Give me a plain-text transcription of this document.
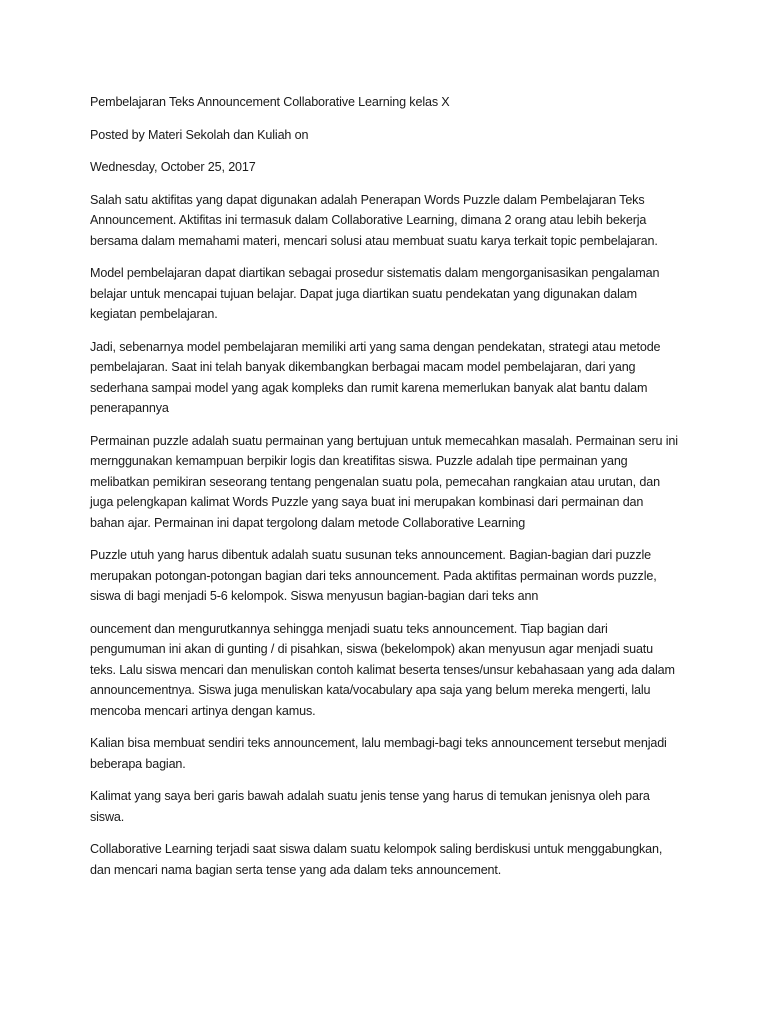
Pembelajaran Teks Announcement Collaborative Learning kelas X

Posted by Materi Sekolah dan Kuliah on

Wednesday, October 25, 2017

Salah satu aktifitas yang dapat digunakan adalah Penerapan Words Puzzle dalam Pembelajaran Teks Announcement. Aktifitas ini termasuk dalam Collaborative Learning, dimana 2 orang atau lebih bekerja bersama dalam memahami materi, mencari solusi atau membuat suatu karya terkait topic pembelajaran.

Model pembelajaran dapat diartikan sebagai prosedur sistematis dalam mengorganisasikan pengalaman belajar untuk mencapai tujuan belajar. Dapat juga diartikan suatu pendekatan yang digunakan dalam kegiatan pembelajaran.

Jadi, sebenarnya model pembelajaran memiliki arti yang sama dengan pendekatan, strategi atau metode pembelajaran. Saat ini telah banyak dikembangkan berbagai macam model pembelajaran, dari yang sederhana sampai model yang agak kompleks dan rumit karena memerlukan banyak alat bantu dalam penerapannya

Permainan puzzle adalah suatu permainan yang bertujuan untuk memecahkan masalah. Permainan seru ini mernggunakan kemampuan berpikir logis dan kreatifitas siswa. Puzzle adalah tipe permainan yang melibatkan pemikiran seseorang tentang pengenalan suatu pola, pemecahan rangkaian atau urutan, dan juga pelengkapan kalimat Words Puzzle yang saya buat ini merupakan kombinasi dari permainan dan bahan ajar. Permainan ini dapat tergolong dalam metode Collaborative Learning

Puzzle utuh yang harus dibentuk adalah suatu susunan teks announcement. Bagian-bagian dari puzzle merupakan potongan-potongan bagian dari teks announcement. Pada aktifitas permainan words puzzle, siswa di bagi menjadi 5-6 kelompok. Siswa menyusun bagian-bagian dari teks ann

ouncement dan mengurutkannya sehingga menjadi suatu teks announcement. Tiap bagian dari pengumuman ini akan di gunting / di pisahkan, siswa (bekelompok) akan menyusun agar menjadi suatu teks. Lalu siswa mencari dan menuliskan contoh kalimat beserta tenses/unsur kebahasaan yang ada dalam announcementnya. Siswa juga menuliskan kata/vocabulary apa saja yang belum mereka mengerti, lalu mencoba mencari artinya dengan kamus.

Kalian bisa membuat sendiri teks announcement, lalu membagi-bagi teks announcement tersebut menjadi beberapa bagian.

Kalimat yang saya beri garis bawah adalah suatu jenis tense yang harus di temukan jenisnya oleh para siswa.

Collaborative Learning terjadi saat siswa dalam suatu kelompok saling berdiskusi untuk menggabungkan, dan mencari nama bagian serta tense yang ada dalam teks announcement.
